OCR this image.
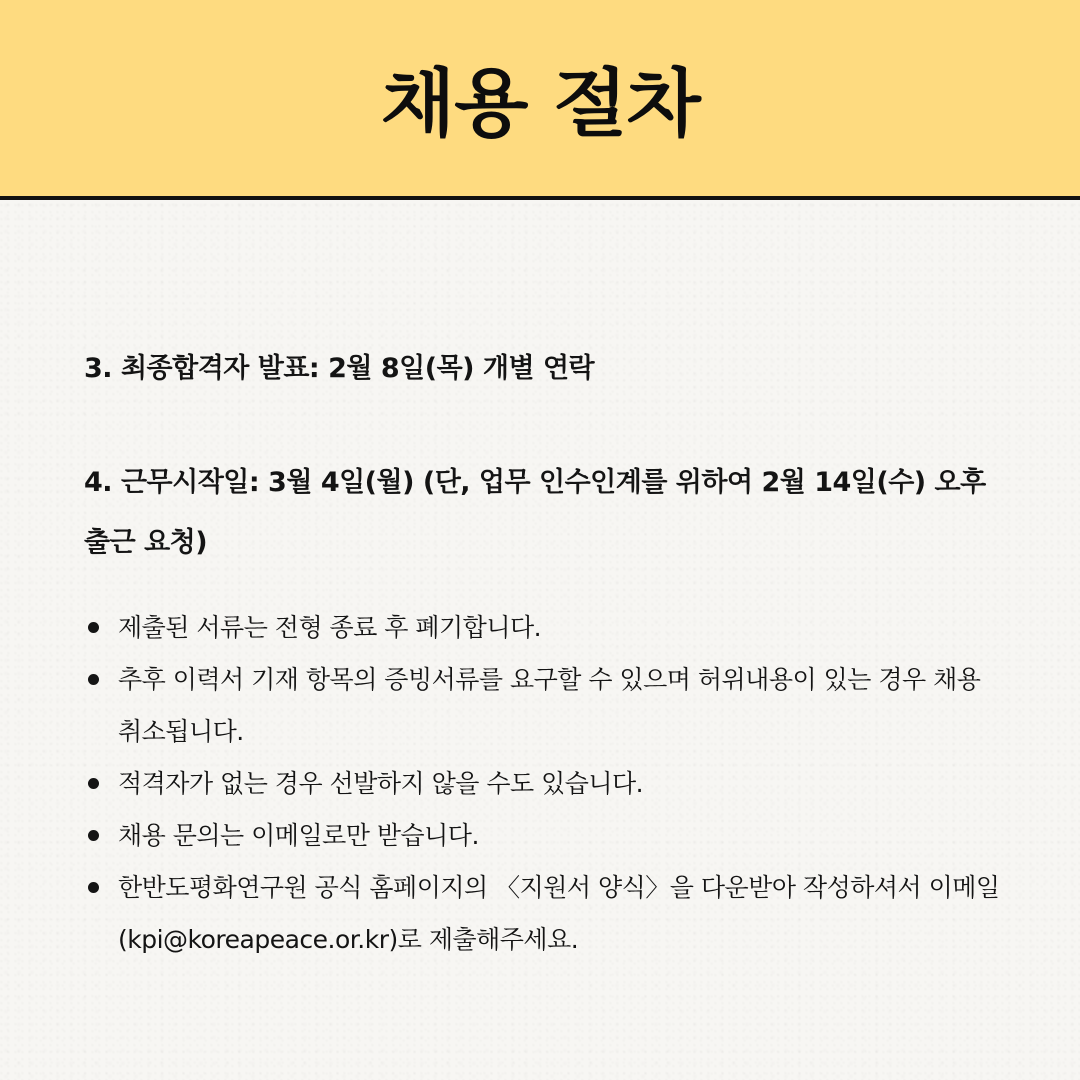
채용 절차

3. 최종합격자 발표: 2월 8일(목) 개별 연락

4. 근무시작일: 3월 4일(월) (단, 업무 인수인계를 위하여 2월 14일(수) 오후 출근 요청)

제출된 서류는 전형 종료 후 폐기합니다.
추후 이력서 기재 항목의 증빙서류를 요구할 수 있으며 허위내용이 있는 경우 채용 취소됩니다.
적격자가 없는 경우 선발하지 않을 수도 있습니다.
채용 문의는 이메일로만 받습니다.
한반도평화연구원 공식 홈페이지의 〈지원서 양식〉을 다운받아 작성하셔서 이메일(kpi@koreapeace.or.kr)로 제출해주세요.
